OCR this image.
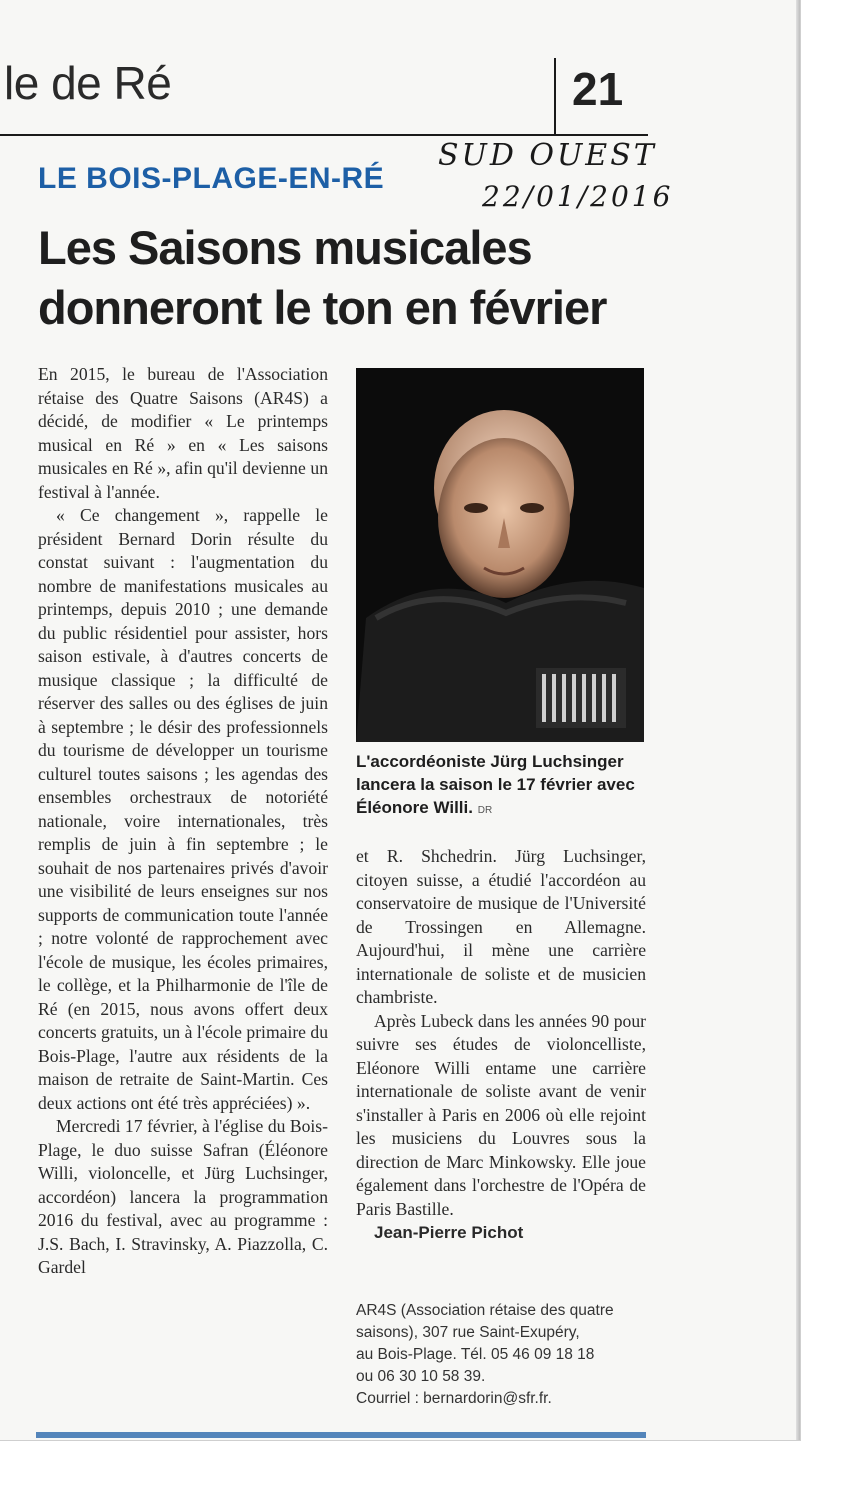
le de Ré	21
SUD OUEST
22/01/2016
LE BOIS-PLAGE-EN-RÉ
Les Saisons musicales donneront le ton en février

En 2015, le bureau de l'Association rétaise des Quatre Saisons (AR4S) a décidé, de modifier « Le printemps musical en Ré » en « Les saisons musicales en Ré », afin qu'il devienne un festival à l'année.

« Ce changement », rappelle le président Bernard Dorin résulte du constat suivant : l'augmentation du nombre de manifestations musicales au printemps, depuis 2010 ; une demande du public résidentiel pour assister, hors saison estivale, à d'autres concerts de musique classique ; la difficulté de réserver des salles ou des églises de juin à septembre ; le désir des professionnels du tourisme de développer un tourisme culturel toutes saisons ; les agendas des ensembles orchestraux de notoriété nationale, voire internationales, très remplis de juin à fin septembre ; le souhait de nos partenaires privés d'avoir une visibilité de leurs enseignes sur nos supports de communication toute l'année ; notre volonté de rapprochement avec l'école de musique, les écoles primaires, le collège, et la Philharmonie de l'île de Ré (en 2015, nous avons offert deux concerts gratuits, un à l'école primaire du Bois-Plage, l'autre aux résidents de la maison de retraite de Saint-Martin. Ces deux actions ont été très appréciées) ».

Mercredi 17 février, à l'église du Bois-Plage, le duo suisse Safran (Éléonore Willi, violoncelle, et Jürg Luchsinger, accordéon) lancera la programmation 2016 du festival, avec au programme : J.S. Bach, I. Stravinsky, A. Piazzolla, C. Gardel

L'accordéoniste Jürg Luchsinger lancera la saison le 17 février avec Éléonore Willi. DR

et R. Shchedrin. Jürg Luchsinger, citoyen suisse, a étudié l'accordéon au conservatoire de musique de l'Université de Trossingen en Allemagne. Aujourd'hui, il mène une carrière internationale de soliste et de musicien chambriste.

Après Lubeck dans les années 90 pour suivre ses études de violoncelliste, Eléonore Willi entame une carrière internationale de soliste avant de venir s'installer à Paris en 2006 où elle rejoint les musiciens du Louvres sous la direction de Marc Minkowsky. Elle joue également dans l'orchestre de l'Opéra de Paris Bastille.

Jean-Pierre Pichot

AR4S (Association rétaise des quatre
saisons), 307 rue Saint-Exupéry,
au Bois-Plage. Tél. 05 46 09 18 18
ou 06 30 10 58 39.
Courriel : bernardorin@sfr.fr.
